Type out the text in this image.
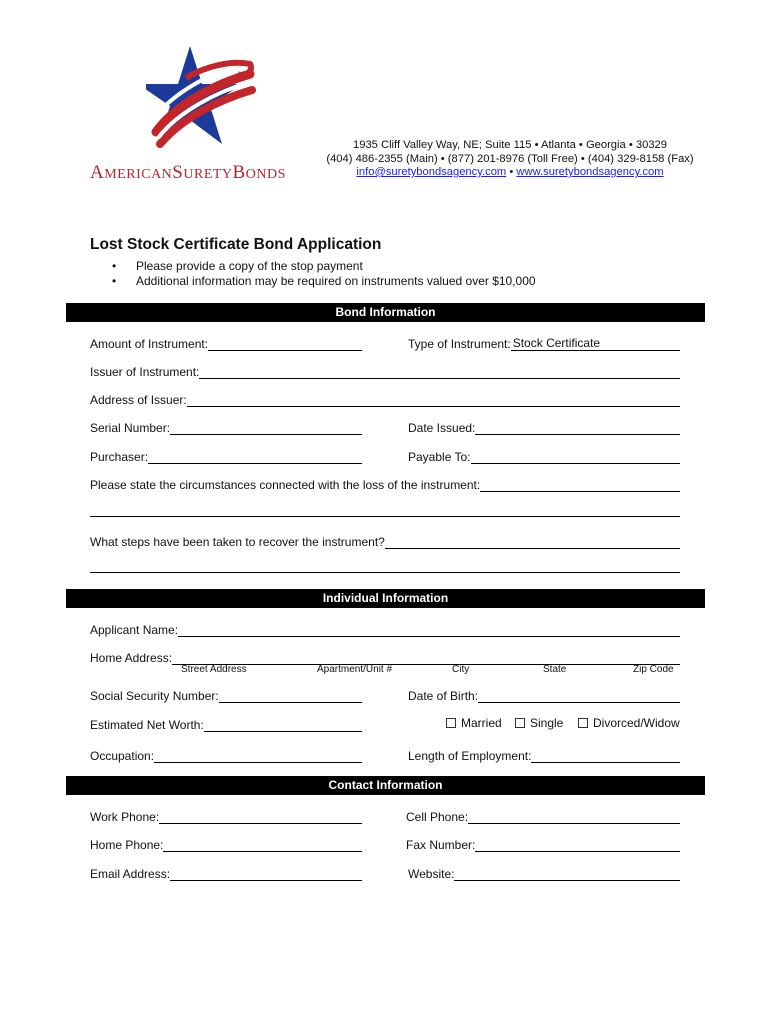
AMERICANSURETYBONDS
1935 Cliff Valley Way, NE; Suite 115 • Atlanta • Georgia • 30329
(404) 486-2355 (Main) • (877) 201-8976 (Toll Free) • (404) 329-8158 (Fax)
info@suretybondsagency.com • www.suretybondsagency.com
Lost Stock Certificate Bond Application
• Please provide a copy of the stop payment
• Additional information may be required on instruments valued over $10,000
Bond Information
Amount of Instrument:	Type of Instrument: Stock Certificate
Issuer of Instrument:
Address of Issuer:
Serial Number:	Date Issued:
Purchaser:	Payable To:
Please state the circumstances connected with the loss of the instrument:
What steps have been taken to recover the instrument?
Individual Information
Applicant Name:
Home Address:
Street Address	Apartment/Unit #	City	State	Zip Code
Social Security Number:	Date of Birth:
Estimated Net Worth:	Married Single Divorced/Widow
Occupation:	Length of Employment:
Contact Information
Work Phone:	Cell Phone:
Home Phone:	Fax Number:
Email Address:	Website:
